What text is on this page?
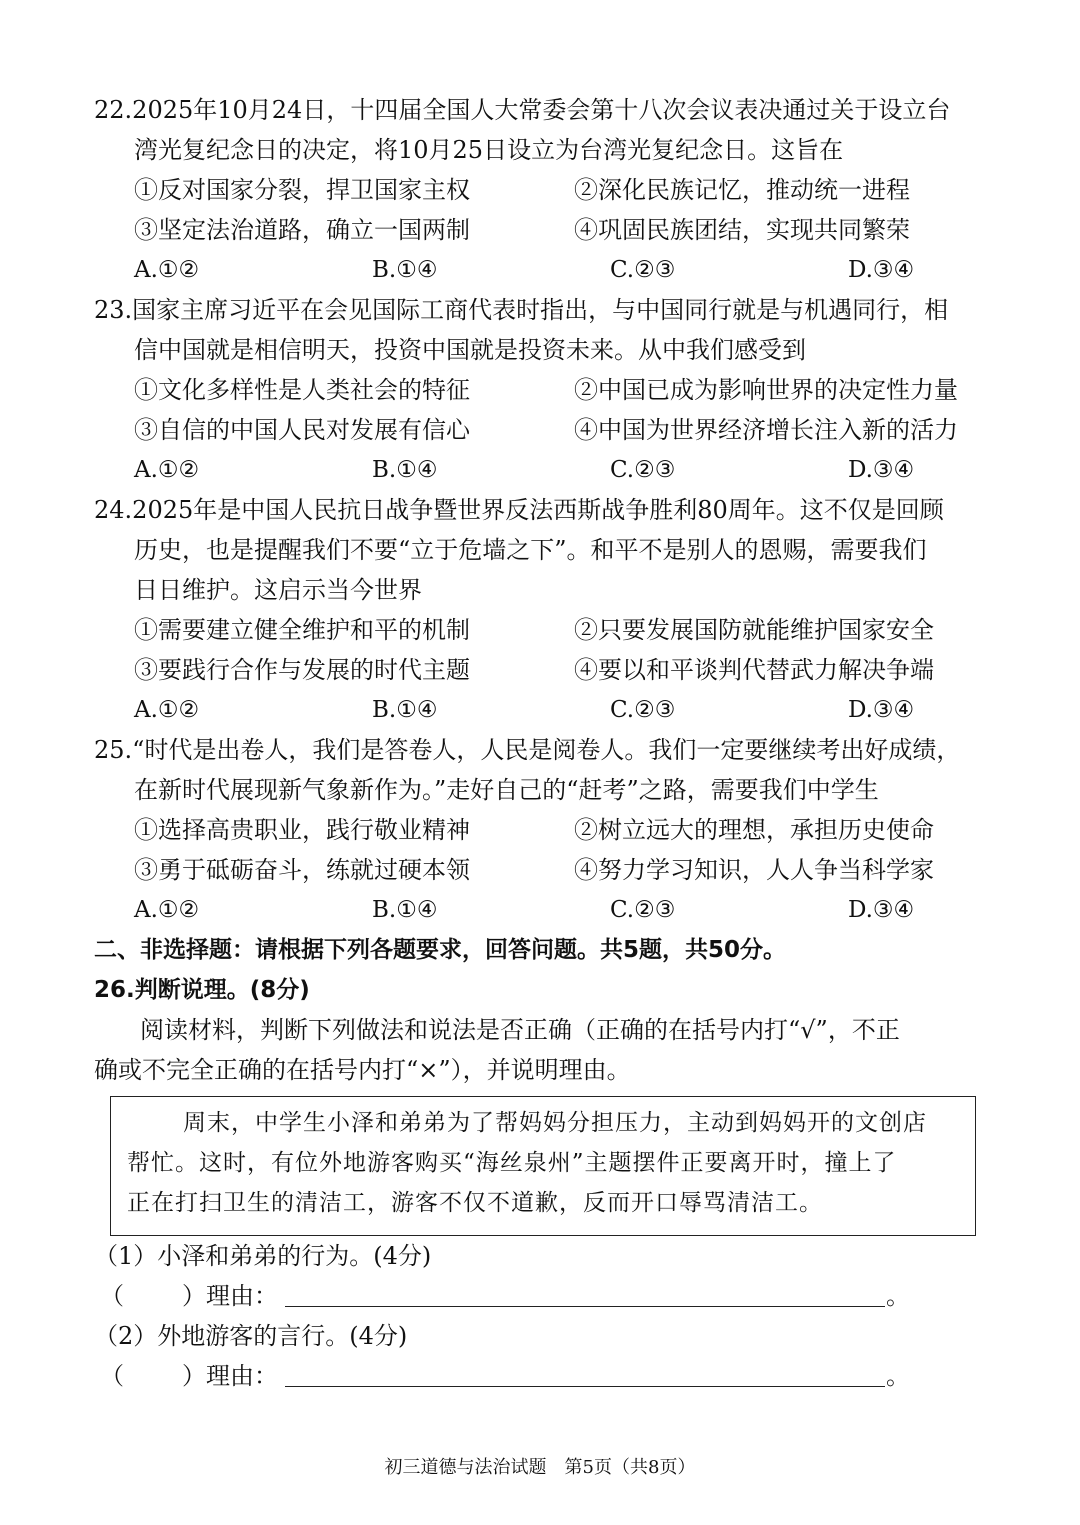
22.2025年10月24日，十四届全国人大常委会第十八次会议表决通过关于设立台
湾光复纪念日的决定，将10月25日设立为台湾光复纪念日。这旨在
①反对国家分裂，捍卫国家主权	②深化民族记忆，推动统一进程
③坚定法治道路，确立一国两制	④巩固民族团结，实现共同繁荣
A.①②	B.①④	C.②③	D.③④
23.国家主席习近平在会见国际工商代表时指出，与中国同行就是与机遇同行，相
信中国就是相信明天，投资中国就是投资未来。从中我们感受到
①文化多样性是人类社会的特征	②中国已成为影响世界的决定性力量
③自信的中国人民对发展有信心	④中国为世界经济增长注入新的活力
A.①②	B.①④	C.②③	D.③④
24.2025年是中国人民抗日战争暨世界反法西斯战争胜利80周年。这不仅是回顾
历史，也是提醒我们不要“立于危墙之下”。和平不是别人的恩赐，需要我们
日日维护。这启示当今世界
①需要建立健全维护和平的机制	②只要发展国防就能维护国家安全
③要践行合作与发展的时代主题	④要以和平谈判代替武力解决争端
A.①②	B.①④	C.②③	D.③④
25.“时代是出卷人，我们是答卷人，人民是阅卷人。我们一定要继续考出好成绩，
在新时代展现新气象新作为。”走好自己的“赶考”之路，需要我们中学生
①选择高贵职业，践行敬业精神	②树立远大的理想，承担历史使命
③勇于砥砺奋斗，练就过硬本领	④努力学习知识，人人争当科学家
A.①②	B.①④	C.②③	D.③④
二、非选择题：请根据下列各题要求，回答问题。共5题，共50分。
26.判断说理。(8分)
阅读材料，判断下列做法和说法是否正确（正确的在括号内打“√”，不正
确或不完全正确的在括号内打“×”），并说明理由。
周末，中学生小泽和弟弟为了帮妈妈分担压力，主动到妈妈开的文创店
帮忙。这时，有位外地游客购买“海丝泉州”主题摆件正要离开时，撞上了
正在打扫卫生的清洁工，游客不仅不道歉，反而开口辱骂清洁工。
（1）小泽和弟弟的行为。(4分)
（ ）理由：	。
（2）外地游客的言行。(4分)
（ ）理由：	。
初三道德与法治试题　第5页（共8页）
